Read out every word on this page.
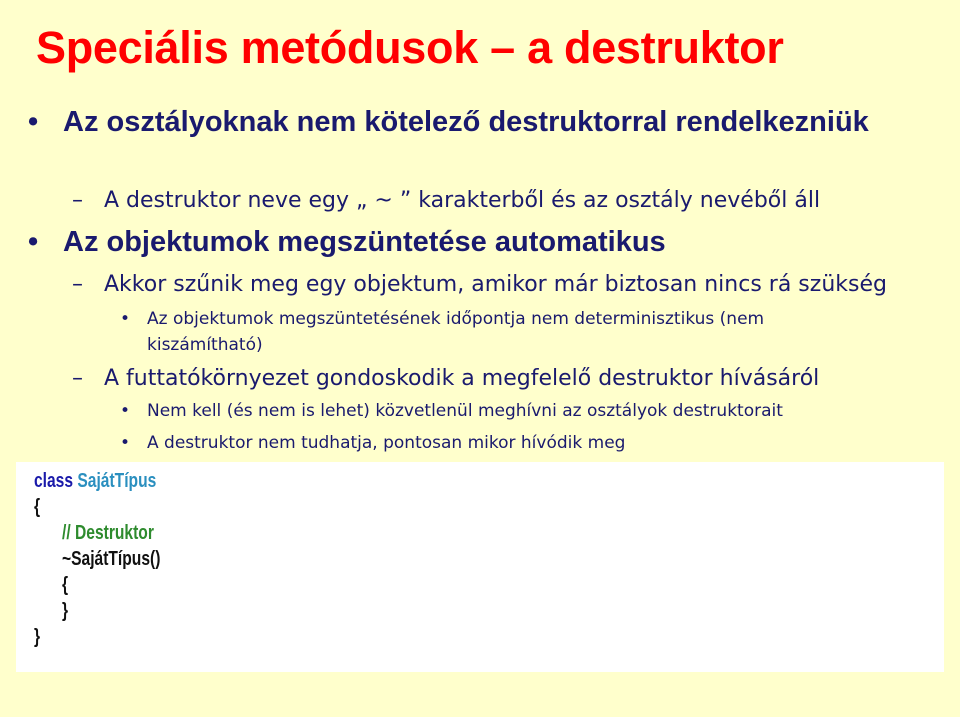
Speciális metódusok – a destruktor
• Az osztályoknak nem kötelező destruktorral rendelkezniük
– A destruktor neve egy „ ~ ” karakterből és az osztály nevéből áll
• Az objektumok megszüntetése automatikus
– Akkor szűnik meg egy objektum, amikor már biztosan nincs rá szükség
• Az objektumok megszüntetésének időpontja nem determinisztikus (nem kiszámítható)
– A futtatókörnyezet gondoskodik a megfelelő destruktor hívásáról
• Nem kell (és nem is lehet) közvetlenül meghívni az osztályok destruktorait
• A destruktor nem tudhatja, pontosan mikor hívódik meg
class SajátTípus
{
// Destruktor
~SajátTípus()
{
}
}
